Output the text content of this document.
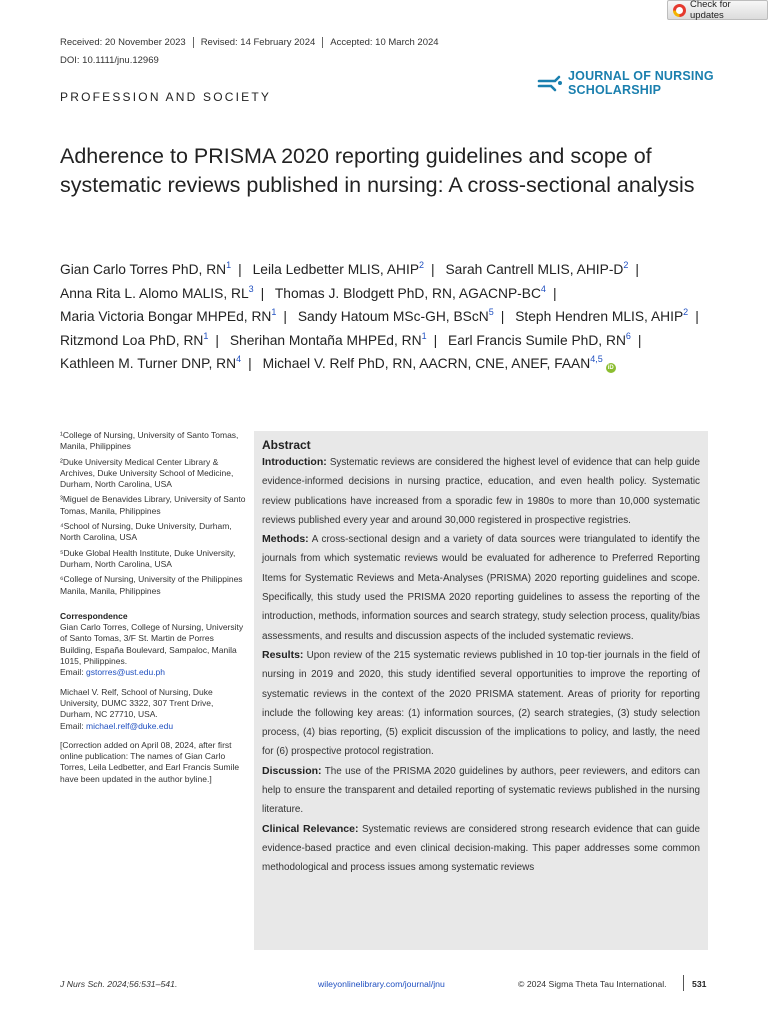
Check for updates
Received: 20 November 2023 Revised: 14 February 2024 Accepted: 10 March 2024
DOI: 10.1111/jnu.12969
PROFESSION AND SOCIETY
JOURNAL OF NURSING
SCHOLARSHIP
Adherence to PRISMA 2020 reporting guidelines and scope of systematic reviews published in nursing: A cross-sectional analysis
Gian Carlo Torres PhD, $RN^1$ | Leila Ledbetter MLIS, AHIP$^2$ | Sarah Cantrell MLIS, AHIP-$D^2$ | Anna Rita L. Alomo MALIS, $RL^3$ | Thomas J. Blodgett PhD, RN, AGACNP-$BC^4$ | Maria Victoria Bongar MHPEd, $RN^1$ | Sandy Hatoum MSc-GH, BScN$^5$ | Steph Hendren MLIS, AHIP$^2$ | Ritzmond Loa PhD, $RN^1$ | Sherihan Montaña MHPEd, $RN^1$ | Earl Francis Sumile PhD, $RN^6$ | Kathleen M. Turner DNP, $RN^4$ | Michael V. Relf PhD, RN, AACRN, CNE, ANEF, FAAN$^{4,5}$iD
¹College of Nursing, University of Santo Tomas, Manila, Philippines
²Duke University Medical Center Library & Archives, Duke University School of Medicine, Durham, North Carolina, USA
³Miguel de Benavides Library, University of Santo Tomas, Manila, Philippines
⁴School of Nursing, Duke University, Durham, North Carolina, USA
⁵Duke Global Health Institute, Duke University, Durham, North Carolina, USA
⁶College of Nursing, University of the Philippines Manila, Manila, Philippines
Correspondence
Gian Carlo Torres, College of Nursing, University of Santo Tomas, 3/F St. Martin de Porres Building, España Boulevard, Sampaloc, Manila 1015, Philippines.
Email: gstorres@ust.edu.ph
Michael V. Relf, School of Nursing, Duke University, DUMC 3322, 307 Trent Drive, Durham, NC 27710, USA.
Email: michael.relf@duke.edu
[Correction added on April 08, 2024, after first online publication: The names of Gian Carlo Torres, Leila Ledbetter, and Earl Francis Sumile have been updated in the author byline.]
Abstract

Introduction: Systematic reviews are considered the highest level of evidence that can help guide evidence-informed decisions in nursing practice, education, and even health policy. Systematic review publications have increased from a sporadic few in 1980s to more than 10,000 systematic reviews published every year and around 30,000 registered in prospective registries.

Methods: A cross-sectional design and a variety of data sources were triangulated to identify the journals from which systematic reviews would be evaluated for adherence to Preferred Reporting Items for Systematic Reviews and Meta-Analyses (PRISMA) 2020 reporting guidelines and scope. Specifically, this study used the PRISMA 2020 reporting guidelines to assess the reporting of the introduction, methods, information sources and search strategy, study selection process, quality/bias assessments, and results and discussion aspects of the included systematic reviews.

Results: Upon review of the 215 systematic reviews published in 10 top-tier journals in the field of nursing in 2019 and 2020, this study identified several opportunities to improve the reporting of systematic reviews in the context of the 2020 PRISMA statement. Areas of priority for reporting include the following key areas: (1) information sources, (2) search strategies, (3) study selection process, (4) bias reporting, (5) explicit discussion of the implications to policy, and lastly, the need for (6) prospective protocol registration.

Discussion: The use of the PRISMA 2020 guidelines by authors, peer reviewers, and editors can help to ensure the transparent and detailed reporting of systematic reviews published in the nursing literature.

Clinical Relevance: Systematic reviews are considered strong research evidence that can guide evidence-based practice and even clinical decision-making. This paper addresses some common methodological and process issues among systematic reviews

J Nurs Sch. 2024;56:531–541.	wileyonlinelibrary.com/journal/jnu	© 2024 Sigma Theta Tau International.	531
